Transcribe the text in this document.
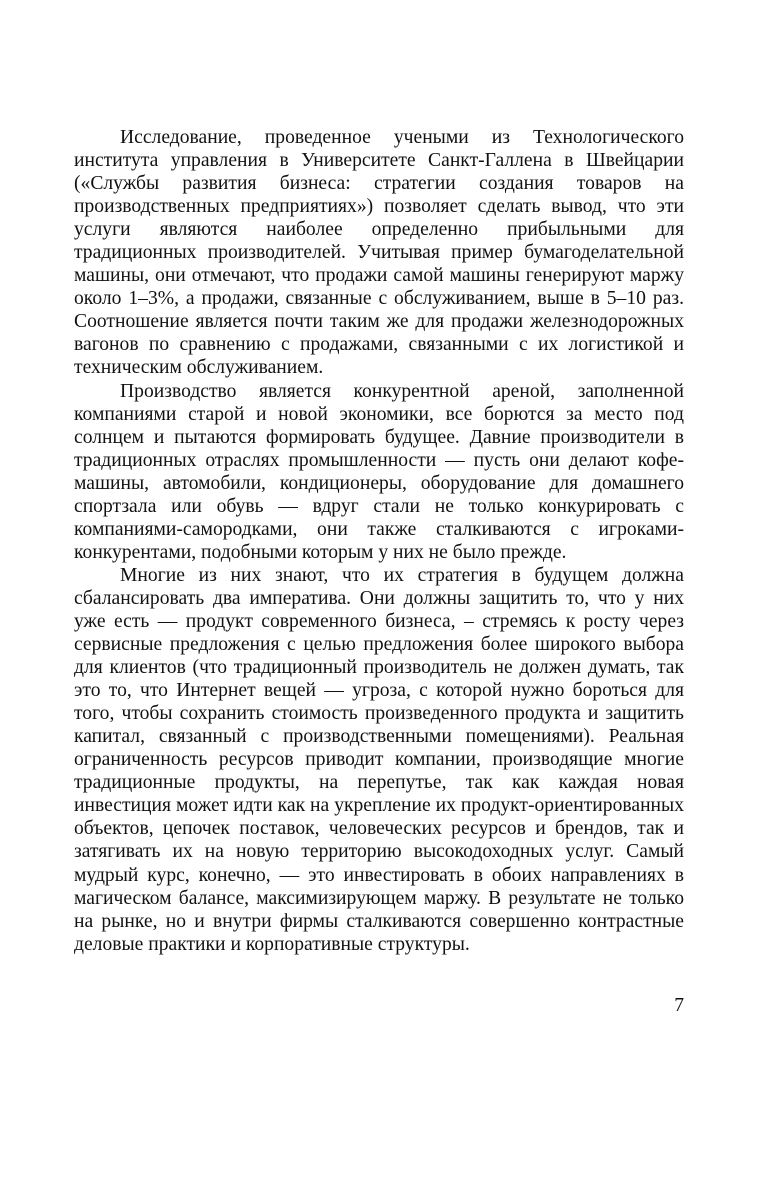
Исследование, проведенное учеными из Технологического института управления в Университете Санкт-Галлена в Швейцарии («Службы развития бизнеса: стратегии создания товаров на производственных предприятиях») позволяет сделать вывод, что эти услуги являются наиболее определенно прибыльными для традиционных производителей. Учитывая пример бумагоделательной машины, они отмечают, что продажи самой машины генерируют маржу около 1–3%, а продажи, связанные с обслуживанием, выше в 5–10 раз. Соотношение является почти таким же для продажи железнодорожных вагонов по сравнению с продажами, связанными с их логистикой и техническим обслуживанием.

Производство является конкурентной ареной, заполненной компаниями старой и новой экономики, все борются за место под солнцем и пытаются формировать будущее. Давние производители в традиционных отраслях промышленности — пусть они делают кофе-машины, автомобили, кондиционеры, оборудование для домашнего спортзала или обувь — вдруг стали не только конкурировать с компаниями-самородками, они также сталкиваются с игроками-конкурентами, подобными которым у них не было прежде.

Многие из них знают, что их стратегия в будущем должна сбалансировать два императива. Они должны защитить то, что у них уже есть — продукт современного бизнеса, – стремясь к росту через сервисные предложения с целью предложения более широкого выбора для клиентов (что традиционный производитель не должен думать, так это то, что Интернет вещей — угроза, с которой нужно бороться для того, чтобы сохранить стоимость произведенного продукта и защитить капитал, связанный с производственными помещениями). Реальная ограниченность ресурсов приводит компании, производящие многие традиционные продукты, на перепутье, так как каждая новая инвестиция может идти как на укрепление их продукт-ориентированных объектов, цепочек поставок, человеческих ресурсов и брендов, так и затягивать их на новую территорию высокодоходных услуг. Самый мудрый курс, конечно, — это инвестировать в обоих направлениях в магическом балансе, максимизирующем маржу. В результате не только на рынке, но и внутри фирмы сталкиваются совершенно контрастные деловые практики и корпоративные структуры.

7
